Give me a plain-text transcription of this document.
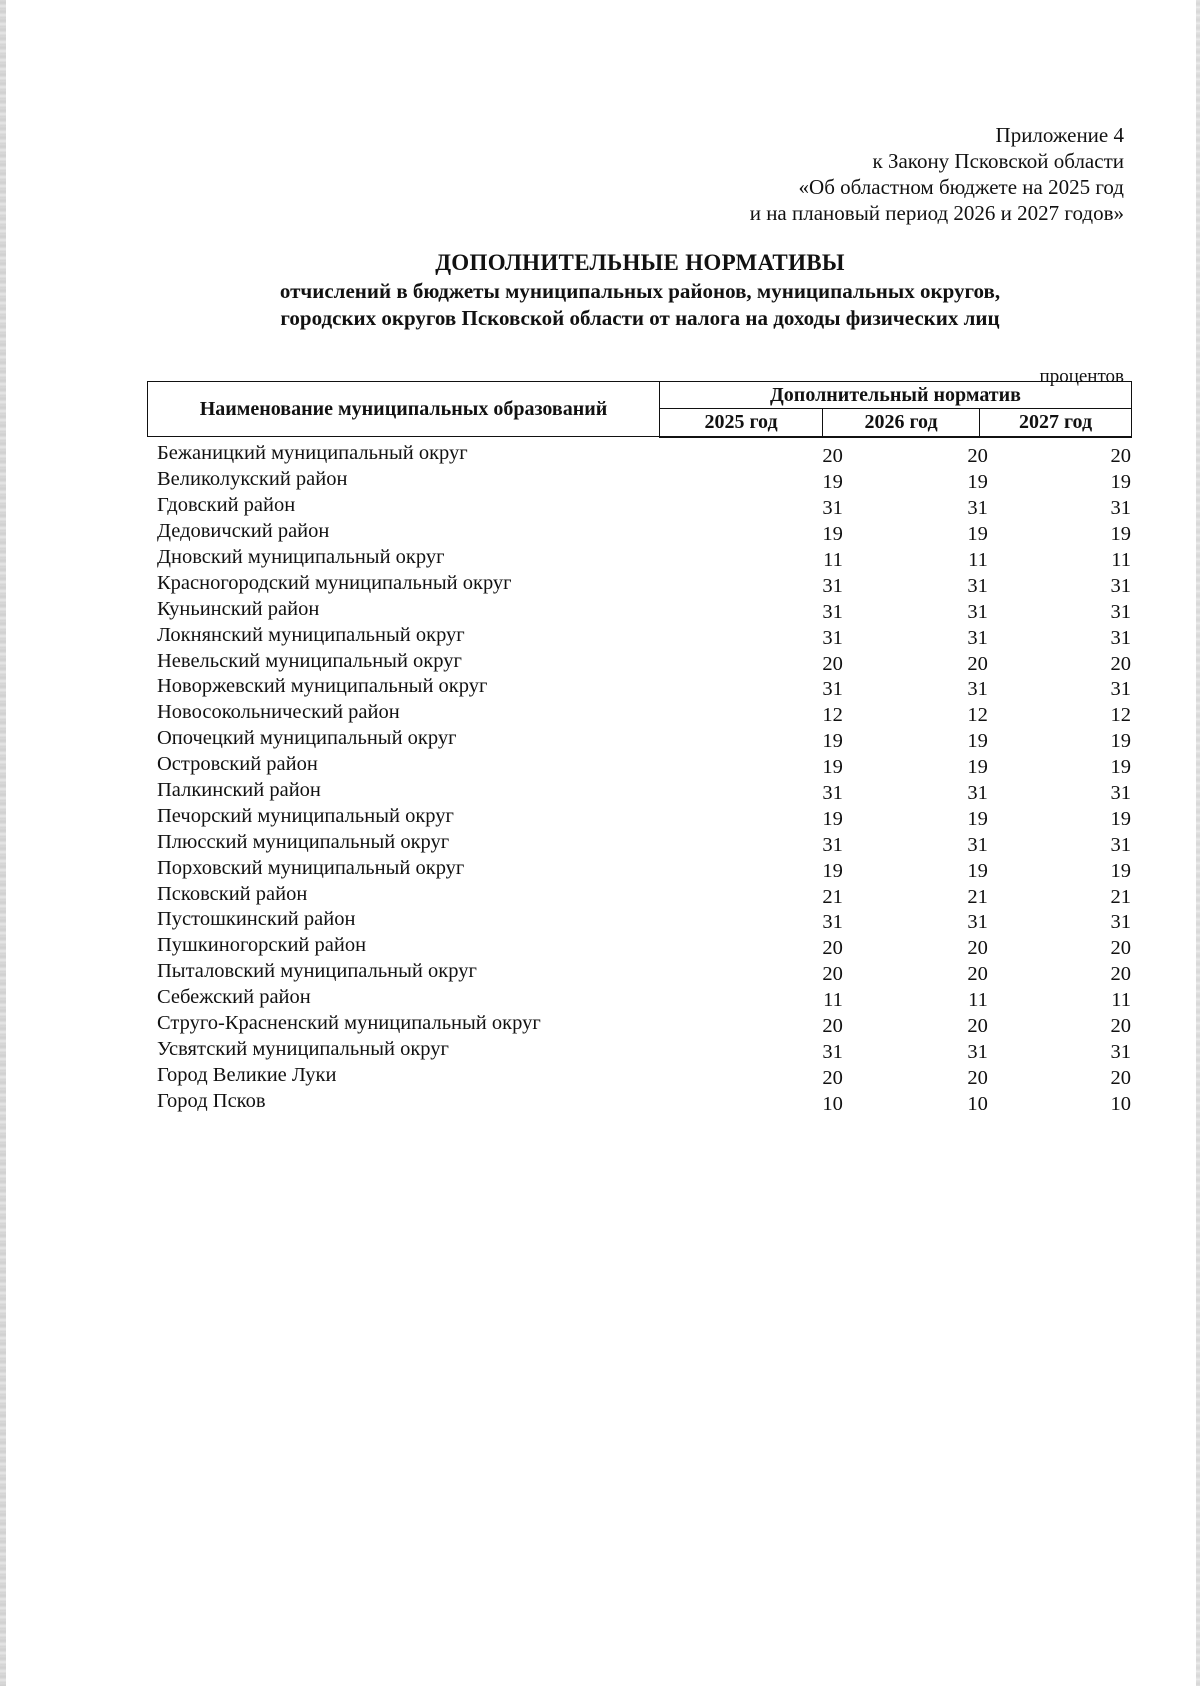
Приложение 4
к Закону Псковской области
«Об областном бюджете на 2025 год
и на плановый период 2026 и 2027 годов»
ДОПОЛНИТЕЛЬНЫЕ НОРМАТИВЫ
отчислений в бюджеты муниципальных районов, муниципальных округов,
городских округов Псковской области от налога на доходы физических лиц
процентов
Наименование муниципальных образований	Дополнительный норматив		
	2025 год	2026 год	2027 год
Бежаницкий муниципальный округ	20	20	20
Великолукский район	19	19	19
Гдовский район	31	31	31
Дедовичский район	19	19	19
Дновский муниципальный округ	11	11	11
Красногородский муниципальный округ	31	31	31
Куньинский район	31	31	31
Локнянский муниципальный округ	31	31	31
Невельский муниципальный округ	20	20	20
Новоржевский муниципальный округ	31	31	31
Новосокольнический район	12	12	12
Опочецкий муниципальный округ	19	19	19
Островский район	19	19	19
Палкинский район	31	31	31
Печорский муниципальный округ	19	19	19
Плюсский муниципальный округ	31	31	31
Порховский муниципальный округ	19	19	19
Псковский район	21	21	21
Пустошкинский район	31	31	31
Пушкиногорский район	20	20	20
Пыталовский муниципальный округ	20	20	20
Себежский район	11	11	11
Струго-Красненский муниципальный округ	20	20	20
Усвятский муниципальный округ	31	31	31
Город Великие Луки	20	20	20
Город Псков	10	10	10
